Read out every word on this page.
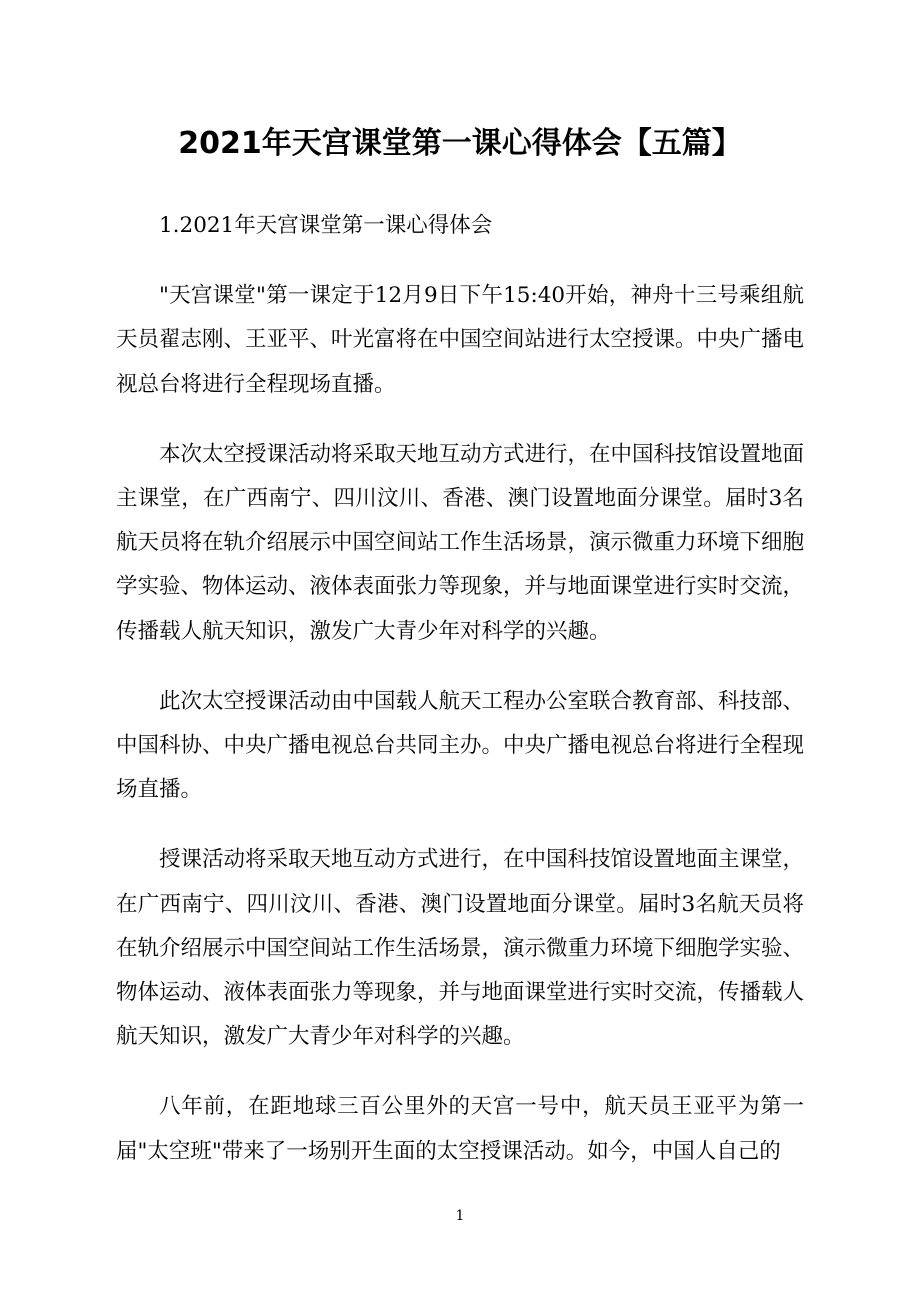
2021年天宫课堂第一课心得体会【五篇】

1.2021年天宫课堂第一课心得体会

"天宫课堂"第一课定于12月9日下午15:40开始，神舟十三号乘组航天员翟志刚、王亚平、叶光富将在中国空间站进行太空授课。中央广播电视总台将进行全程现场直播。

本次太空授课活动将采取天地互动方式进行，在中国科技馆设置地面主课堂，在广西南宁、四川汶川、香港、澳门设置地面分课堂。届时3名航天员将在轨介绍展示中国空间站工作生活场景，演示微重力环境下细胞学实验、物体运动、液体表面张力等现象，并与地面课堂进行实时交流，传播载人航天知识，激发广大青少年对科学的兴趣。

此次太空授课活动由中国载人航天工程办公室联合教育部、科技部、中国科协、中央广播电视总台共同主办。中央广播电视总台将进行全程现场直播。

授课活动将采取天地互动方式进行，在中国科技馆设置地面主课堂，在广西南宁、四川汶川、香港、澳门设置地面分课堂。届时3名航天员将在轨介绍展示中国空间站工作生活场景，演示微重力环境下细胞学实验、物体运动、液体表面张力等现象，并与地面课堂进行实时交流，传播载人航天知识，激发广大青少年对科学的兴趣。

八年前，在距地球三百公里外的天宫一号中，航天员王亚平为第一届"太空班"带来了一场别开生面的太空授课活动。如今，中国人自己的

1
